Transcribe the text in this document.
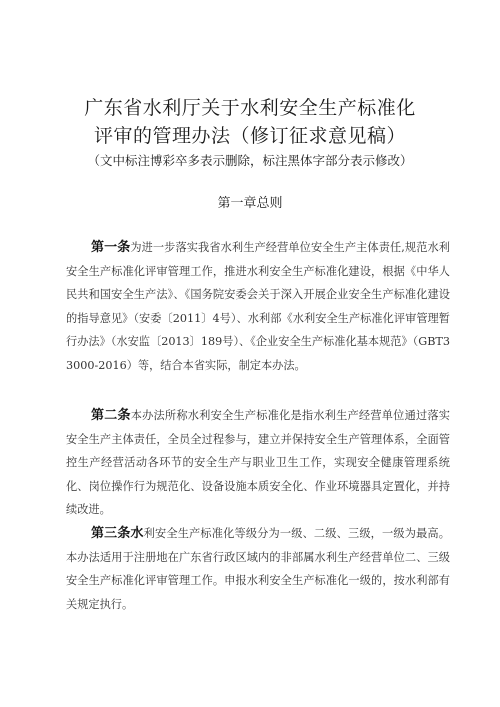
广东省水利厅关于水利安全生产标准化
评审的管理办法（修订征求意见稿）
（文中标注博彩卒多表示删除，标注黑体字部分表示修改）
第一章总则
第一条为进一步落实我省水利生产经营单位安全生产主体责任,规范水利安全生产标准化评审管理工作，推进水利安全生产标准化建设，根据《中华人民共和国安全生产法》、《国务院安委会关于深入开展企业安全生产标准化建设的指导意见》（安委〔2011〕4号）、水利部《水利安全生产标准化评审管理暂行办法》（水安监〔2013〕189号）、《企业安全生产标准化基本规范》（GBT33000-2016）等，结合本省实际，制定本办法。
第二条本办法所称水利安全生产标准化是指水利生产经营单位通过落实安全生产主体责任，全员全过程参与，建立并保持安全生产管理体系，全面管控生产经营活动各环节的安全生产与职业卫生工作，实现安全健康管理系统化、岗位操作行为规范化、设备设施本质安全化、作业环境器具定置化，并持续改进。
第三条水利安全生产标准化等级分为一级、二级、三级，一级为最高。本办法适用于注册地在广东省行政区域内的非部属水利生产经营单位二、三级安全生产标准化评审管理工作。申报水利安全生产标准化一级的，按水利部有关规定执行。
